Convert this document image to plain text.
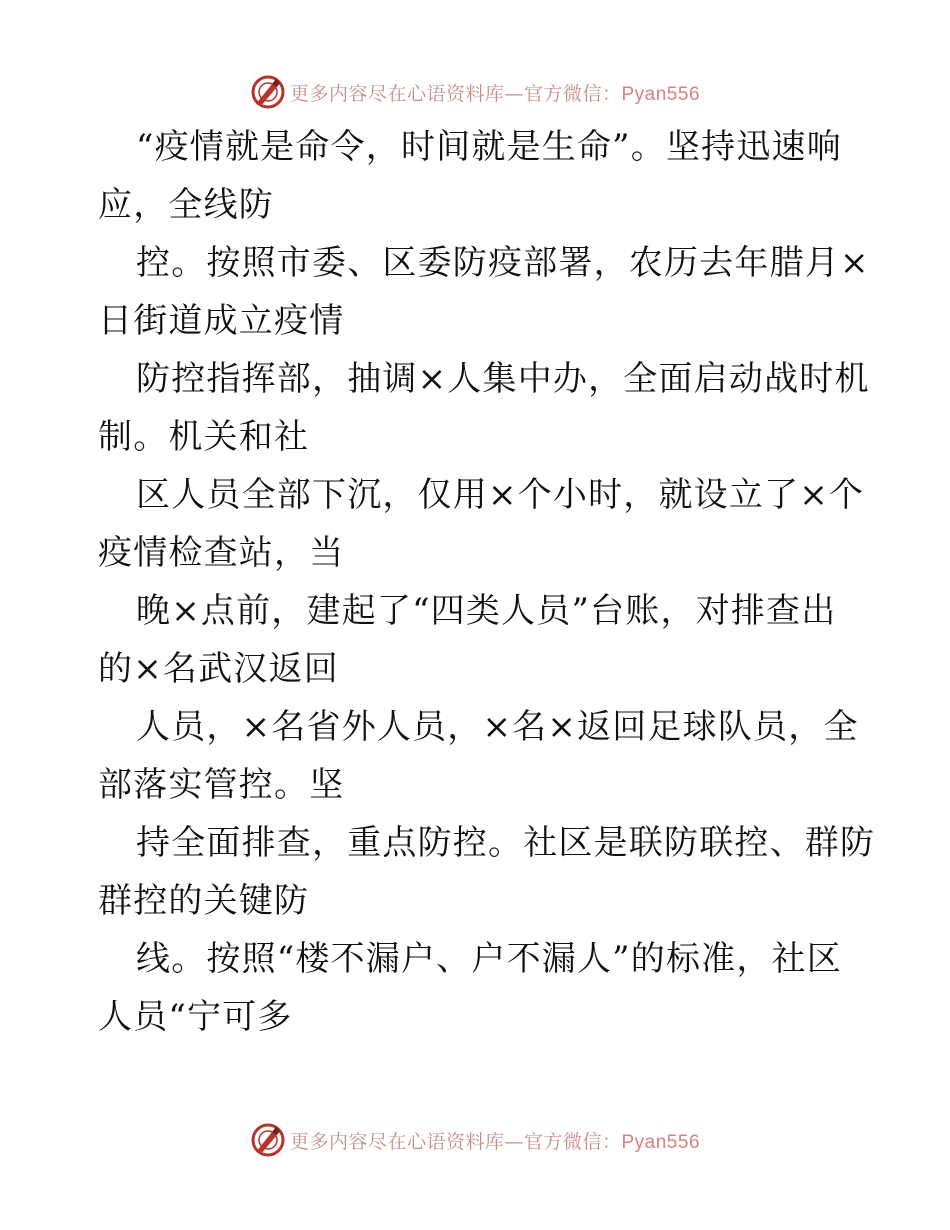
更多内容尽在心语资料库—官方微信：Pyan556
“疫情就是命令，时间就是生命”。坚持迅速响
应，全线防
控。按照市委、区委防疫部署，农历去年腊月×
日街道成立疫情
防控指挥部，抽调×人集中办，全面启动战时机
制。机关和社
区人员全部下沉，仅用×个小时，就设立了×个
疫情检查站，当
晚×点前，建起了“四类人员”台账，对排查出
的×名武汉返回
人员，×名省外人员，×名×返回足球队员，全
部落实管控。坚
持全面排查，重点防控。社区是联防联控、群防
群控的关键防
线。按照“楼不漏户、户不漏人”的标准，社区
人员“宁可多
更多内容尽在心语资料库—官方微信：Pyan556
